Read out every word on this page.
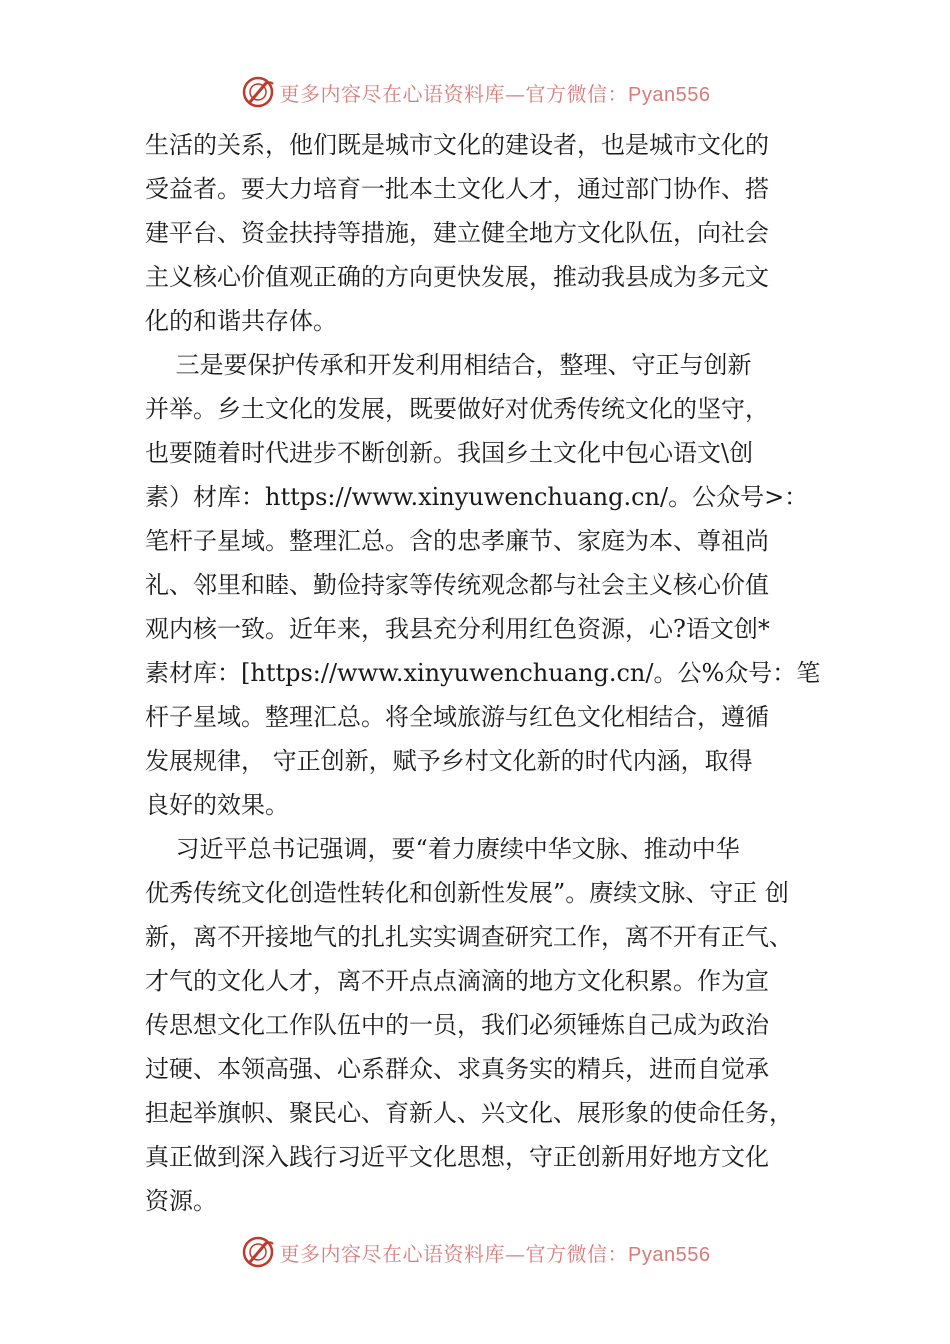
更多内容尽在心语资料库—官方微信：Pyan556
生活的关系，他们既是城市文化的建设者，也是城市文化的
受益者。要大力培育一批本土文化人才，通过部门协作、搭
建平台、资金扶持等措施，建立健全地方文化队伍，向社会
主义核心价值观正确的方向更快发展，推动我县成为多元文
化的和谐共存体。
三是要保护传承和开发利用相结合，整理、守正与创新
并举。乡土文化的发展，既要做好对优秀传统文化的坚守，
也要随着时代进步不断创新。我国乡土文化中包心语文\创
素）材库：https://www.xinyuwenchuang.cn/。公众号>：
笔杆子星域。整理汇总。含的忠孝廉节、家庭为本、尊祖尚
礼、邻里和睦、勤俭持家等传统观念都与社会主义核心价值
观内核一致。近年来，我县充分利用红色资源，心?语文创*
素材库：[https://www.xinyuwenchuang.cn/。公%众号：笔
杆子星域。整理汇总。将全域旅游与红色文化相结合，遵循
发展规律， 守正创新，赋予乡村文化新的时代内涵，取得
良好的效果。
习近平总书记强调，要“着力赓续中华文脉、推动中华
优秀传统文化创造性转化和创新性发展”。赓续文脉、守正 创
新，离不开接地气的扎扎实实调查研究工作，离不开有正气、
才气的文化人才，离不开点点滴滴的地方文化积累。作为宣
传思想文化工作队伍中的一员，我们必须锤炼自己成为政治
过硬、本领高强、心系群众、求真务实的精兵，进而自觉承
担起举旗帜、聚民心、育新人、兴文化、展形象的使命任务，
真正做到深入践行习近平文化思想，守正创新用好地方文化
资源。
更多内容尽在心语资料库—官方微信：Pyan556
